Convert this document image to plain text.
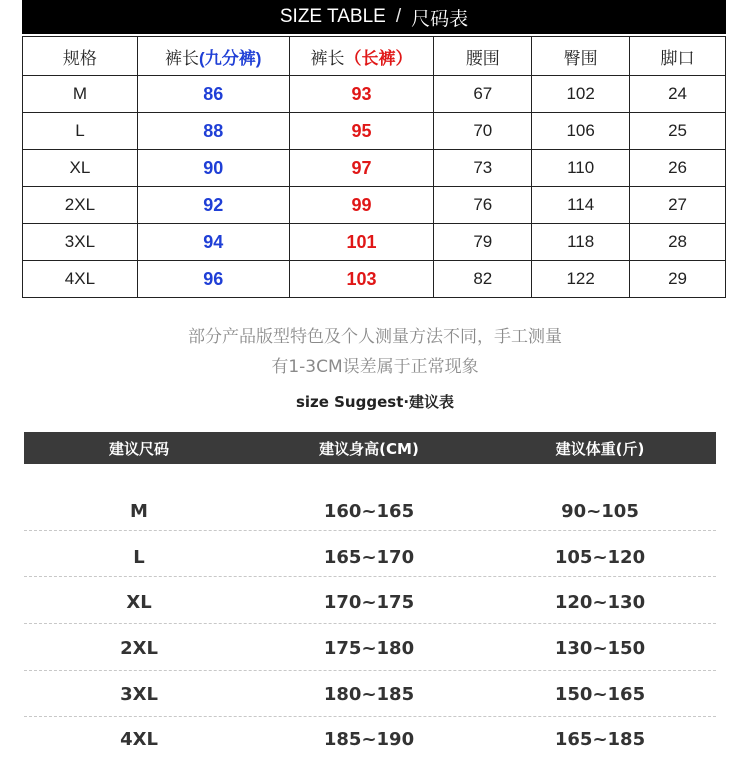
SIZE TABLE / 尺码表
规格	裤长(九分裤)	裤长（长裤）	腰围	臀围	脚口
M	86	93	67	102	24
L	88	95	70	106	25
XL	90	97	73	110	26
2XL	92	99	76	114	27
3XL	94	101	79	118	28
4XL	96	103	82	122	29
部分产品版型特色及个人测量方法不同，手工测量
有1-3CM误差属于正常现象
size Suggest·建议表
建议尺码	建议身高(CM)	建议体重(斤)
M	160~165	90~105
L	165~170	105~120
XL	170~175	120~130
2XL	175~180	130~150
3XL	180~185	150~165
4XL	185~190	165~185
